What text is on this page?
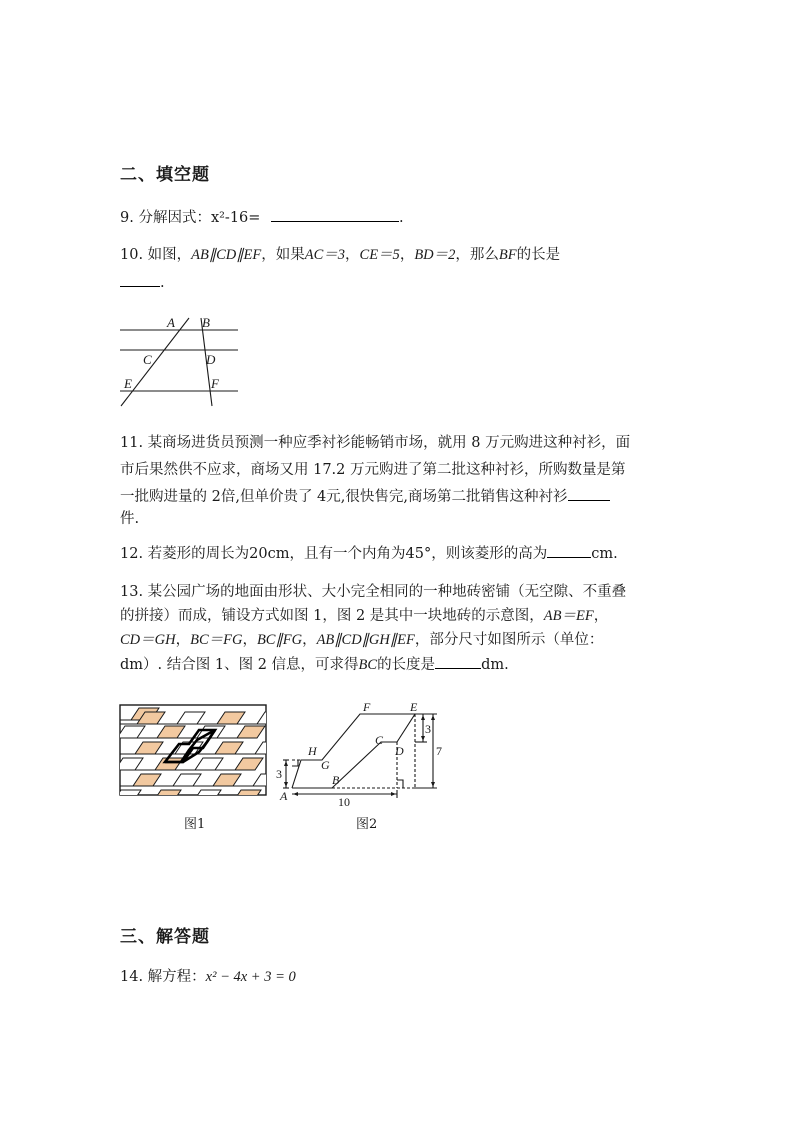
二、填空题
9. 分解因式：x²-16=	.
10. 如图，AB∥CD∥EF，如果AC＝3，CE＝5，BD＝2，那么BF的长是
.
A B
C	D
E	F
11. 某商场进货员预测一种应季衬衫能畅销市场，就用 8 万元购进这种衬衫，面
市后果然供不应求，商场又用 17.2 万元购进了第二批这种衬衫，所购数量是第
一批购进量的 2倍,但单价贵了 4元,很快售完,商场第二批销售这种衬衫
件.
12. 若菱形的周长为20cm，且有一个内角为45°，则该菱形的高为	cm.
13. 某公园广场的地面由形状、大小完全相同的一种地砖密铺（无空隙、不重叠
的拼接）而成，铺设方式如图 1，图 2 是其中一块地砖的示意图，AB＝EF，
CD＝GH，BC＝FG，BC∥FG，AB∥CD∥GH∥EF，部分尺寸如图所示（单位：
dm）. 结合图 1、图 2 信息，可求得BC的长度是	dm.
图1
F	E
H
C
D
G
B
A
3
10
3
7
图2
三、解答题
14. 解方程：x² − 4x + 3 = 0
